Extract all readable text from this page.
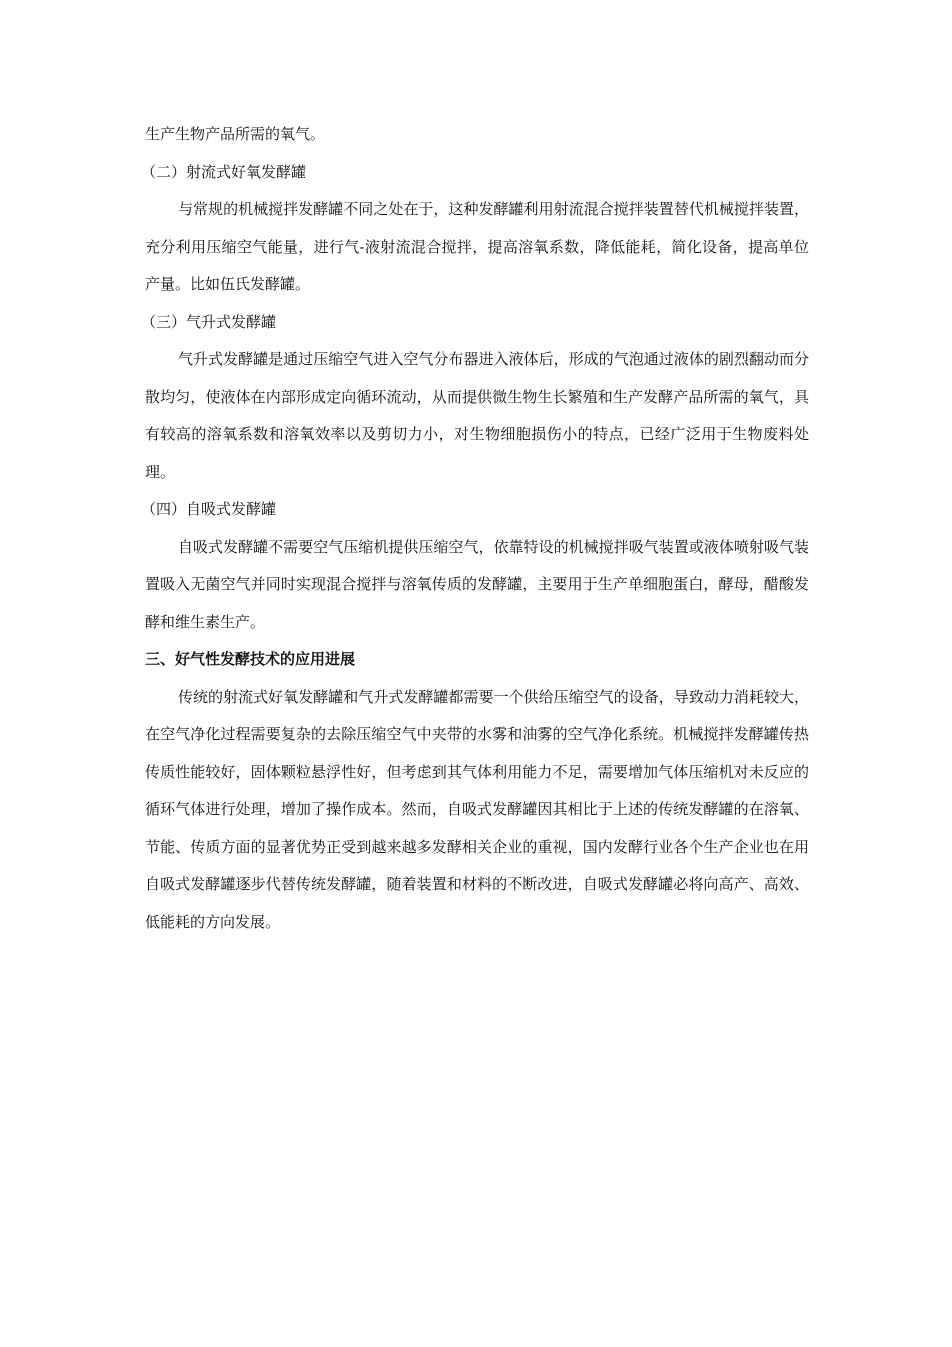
生产生物产品所需的氧气。

（二）射流式好氧发酵罐

与常规的机械搅拌发酵罐不同之处在于，这种发酵罐利用射流混合搅拌装置替代机械搅拌装置，充分利用压缩空气能量，进行气-液射流混合搅拌，提高溶氧系数，降低能耗，简化设备，提高单位产量。比如伍氏发酵罐。

（三）气升式发酵罐

气升式发酵罐是通过压缩空气进入空气分布器进入液体后，形成的气泡通过液体的剧烈翻动而分散均匀，使液体在内部形成定向循环流动，从而提供微生物生长繁殖和生产发酵产品所需的氧气，具有较高的溶氧系数和溶氧效率以及剪切力小，对生物细胞损伤小的特点，已经广泛用于生物废料处理。

（四）自吸式发酵罐

自吸式发酵罐不需要空气压缩机提供压缩空气，依靠特设的机械搅拌吸气装置或液体喷射吸气装置吸入无菌空气并同时实现混合搅拌与溶氧传质的发酵罐，主要用于生产单细胞蛋白，酵母，醋酸发酵和维生素生产。

三、好气性发酵技术的应用进展

传统的射流式好氧发酵罐和气升式发酵罐都需要一个供给压缩空气的设备，导致动力消耗较大，在空气净化过程需要复杂的去除压缩空气中夹带的水雾和油雾的空气净化系统。机械搅拌发酵罐传热传质性能较好，固体颗粒悬浮性好，但考虑到其气体利用能力不足，需要增加气体压缩机对未反应的循环气体进行处理，增加了操作成本。然而，自吸式发酵罐因其相比于上述的传统发酵罐的在溶氧、节能、传质方面的显著优势正受到越来越多发酵相关企业的重视，国内发酵行业各个生产企业也在用自吸式发酵罐逐步代替传统发酵罐，随着装置和材料的不断改进，自吸式发酵罐必将向高产、高效、低能耗的方向发展。
